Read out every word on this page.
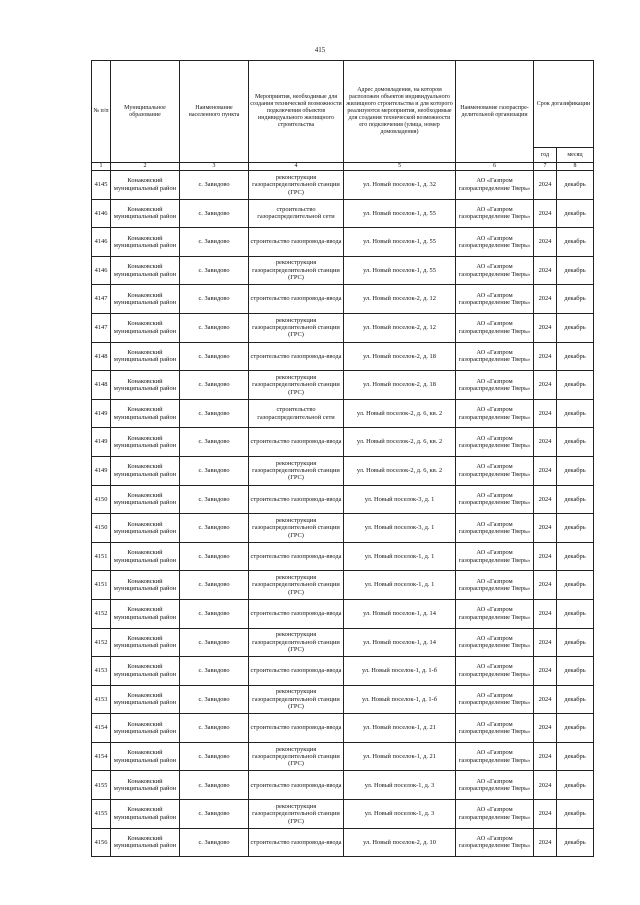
415
№ п/п	Муниципальное образование	Наименование населенного пункта	Мероприятия, необходимые для создания технической возможности подключения объектов индивидуального жилищного строительства	Адрес домовладения, на котором расположен объектов индивидуального жилищного строительства и для которого реализуются мероприятия, необходимые для создания технической возможности его подключения (улица, номер домовладения)	Наименование газораспре-делительной организации	Срок догазификации	
						год	месяц
1	2	3	4	5	6	7	8
4145	Конаковский муниципальный район	с. Завидово	реконструкция газораспределительной станции (ГРС)	ул. Новый поселок-1, д. 32	АО «Газпром газораспределение Тверь»	2024	декабрь
4146	Конаковский муниципальный район	с. Завидово	строительство газораспределительной сети	ул. Новый поселок-1, д. 55	АО «Газпром газораспределение Тверь»	2024	декабрь
4146	Конаковский муниципальный район	с. Завидово	строительство газопровода-ввода	ул. Новый поселок-1, д. 55	АО «Газпром газораспределение Тверь»	2024	декабрь
4146	Конаковский муниципальный район	с. Завидово	реконструкция газораспределительной станции (ГРС)	ул. Новый поселок-1, д. 55	АО «Газпром газораспределение Тверь»	2024	декабрь
4147	Конаковский муниципальный район	с. Завидово	строительство газопровода-ввода	ул. Новый поселок-2, д. 12	АО «Газпром газораспределение Тверь»	2024	декабрь
4147	Конаковский муниципальный район	с. Завидово	реконструкция газораспределительной станции (ГРС)	ул. Новый поселок-2, д. 12	АО «Газпром газораспределение Тверь»	2024	декабрь
4148	Конаковский муниципальный район	с. Завидово	строительство газопровода-ввода	ул. Новый поселок-2, д. 18	АО «Газпром газораспределение Тверь»	2024	декабрь
4148	Конаковский муниципальный район	с. Завидово	реконструкция газораспределительной станции (ГРС)	ул. Новый поселок-2, д. 18	АО «Газпром газораспределение Тверь»	2024	декабрь
4149	Конаковский муниципальный район	с. Завидово	строительство газораспределительной сети	ул. Новый поселок-2, д. 6, кв. 2	АО «Газпром газораспределение Тверь»	2024	декабрь
4149	Конаковский муниципальный район	с. Завидово	строительство газопровода-ввода	ул. Новый поселок-2, д. 6, кв. 2	АО «Газпром газораспределение Тверь»	2024	декабрь
4149	Конаковский муниципальный район	с. Завидово	реконструкция газораспределительной станции (ГРС)	ул. Новый поселок-2, д. 6, кв. 2	АО «Газпром газораспределение Тверь»	2024	декабрь
4150	Конаковский муниципальный район	с. Завидово	строительство газопровода-ввода	ул. Новый поселок-3, д. 1	АО «Газпром газораспределение Тверь»	2024	декабрь
4150	Конаковский муниципальный район	с. Завидово	реконструкция газораспределительной станции (ГРС)	ул. Новый поселок-3, д. 1	АО «Газпром газораспределение Тверь»	2024	декабрь
4151	Конаковский муниципальный район	с. Завидово	строительство газопровода-ввода	ул. Новый поселок-1, д. 1	АО «Газпром газораспределение Тверь»	2024	декабрь
4151	Конаковский муниципальный район	с. Завидово	реконструкция газораспределительной станции (ГРС)	ул. Новый поселок-1, д. 1	АО «Газпром газораспределение Тверь»	2024	декабрь
4152	Конаковский муниципальный район	с. Завидово	строительство газопровода-ввода	ул. Новый поселок-1, д. 14	АО «Газпром газораспределение Тверь»	2024	декабрь
4152	Конаковский муниципальный район	с. Завидово	реконструкция газораспределительной станции (ГРС)	ул. Новый поселок-1, д. 14	АО «Газпром газораспределение Тверь»	2024	декабрь
4153	Конаковский муниципальный район	с. Завидово	строительство газопровода-ввода	ул. Новый поселок-1, д. 1-б	АО «Газпром газораспределение Тверь»	2024	декабрь
4153	Конаковский муниципальный район	с. Завидово	реконструкция газораспределительной станции (ГРС)	ул. Новый поселок-1, д. 1-б	АО «Газпром газораспределение Тверь»	2024	декабрь
4154	Конаковский муниципальный район	с. Завидово	строительство газопровода-ввода	ул. Новый поселок-1, д. 21	АО «Газпром газораспределение Тверь»	2024	декабрь
4154	Конаковский муниципальный район	с. Завидово	реконструкция газораспределительной станции (ГРС)	ул. Новый поселок-1, д. 21	АО «Газпром газораспределение Тверь»	2024	декабрь
4155	Конаковский муниципальный район	с. Завидово	строительство газопровода-ввода	ул. Новый поселок-1, д. 3	АО «Газпром газораспределение Тверь»	2024	декабрь
4155	Конаковский муниципальный район	с. Завидово	реконструкция газораспределительной станции (ГРС)	ул. Новый поселок-1, д. 3	АО «Газпром газораспределение Тверь»	2024	декабрь
4156	Конаковский муниципальный район	с. Завидово	строительство газопровода-ввода	ул. Новый поселок-2, д. 10	АО «Газпром газораспределение Тверь»	2024	декабрь
